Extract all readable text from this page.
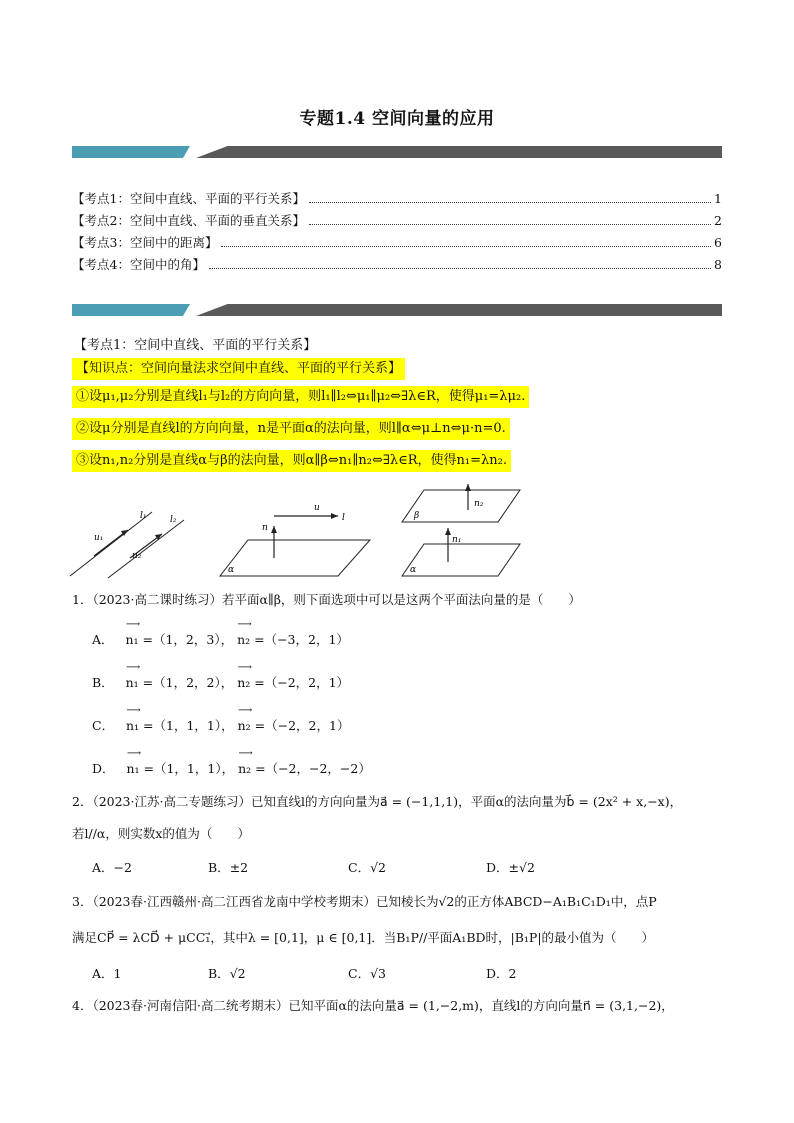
专题1.4 空间向量的应用
【考点1：空间中直线、平面的平行关系】	1
【考点2：空间中直线、平面的垂直关系】	2
【考点3：空间中的距离】	6
【考点4：空间中的角】	8
【考点1：空间中直线、平面的平行关系】
【知识点：空间向量法求空间中直线、平面的平行关系】
①设μ₁,μ₂分别是直线l₁与l₂的方向向量，则l₁∥l₂⇔μ₁∥μ₂⇔∃λ∈R，使得μ₁=λμ₂.
②设μ分别是直线l的方向向量，n是平面α的法向量，则l∥α⇔μ⊥n⇔μ·n=0.
③设n₁,n₂分别是直线α与β的法向量，则α∥β⇔n₁∥n₂⇔∃λ∈R，使得n₁=λn₂.
l₁	l₂
u₁
u₂
u
l
n
α
n₂
β
n₁
α
1．（2023·高二课时练习）若平面α∥β，则下面选项中可以是这两个平面法向量的是（　　）
A． ⟶ n₁ =（1，2，3）， ⟶ n₂ =（−3，2，1）
B． ⟶ n₁ =（1，2，2）， ⟶ n₂ =（−2，2，1）
C． ⟶ n₁ =（1，1，1）， ⟶ n₂ =（−2，2，1）
D． ⟶ n₁ =（1，1，1）， ⟶ n₂ =（−2，−2，−2）
2．（2023·江苏·高二专题练习）已知直线l的方向向量为a⃗ = (−1,1,1)，平面α的法向量为b⃗ = (2x² + x,−x)，
若l//α，则实数x的值为（　　）
A．−2	B．±2	C．√2	D．±√2
3．（2023春·江西赣州·高二江西省龙南中学校考期末）已知棱长为√2的正方体ABCD−A₁B₁C₁D₁中，点P
满足CP⃗ = λCD⃗ + μCC₁⃗，其中λ = [0,1]，μ ∈ [0,1]．当B₁P//平面A₁BD时，|B₁P|的最小值为（　　）
A．1	B．√2	C．√3	D．2
4．（2023春·河南信阳·高二统考期末）已知平面α的法向量a⃗ = (1,−2,m)，直线l的方向向量n⃗ = (3,1,−2)，
